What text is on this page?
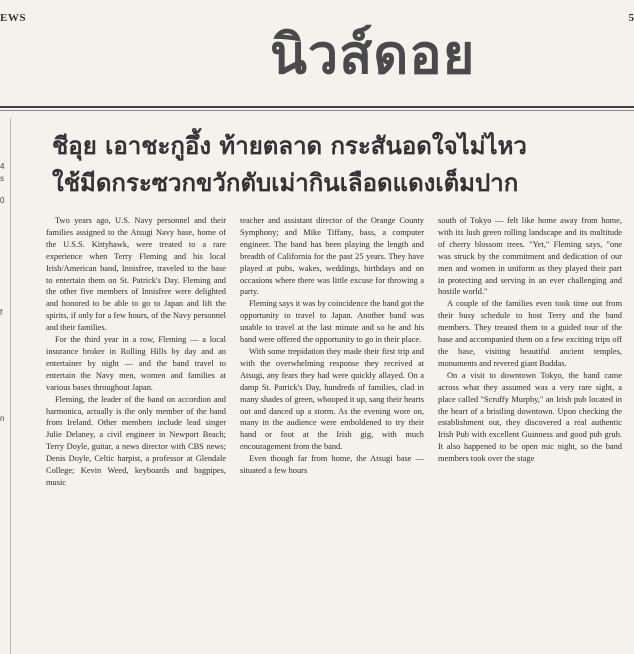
EWS	5
นิวส์ดอย
4
s
0
f
n
ชีอุย เอาชะกูอึ้ง ท้ายตลาด กระสันอดใจไม่ไหว
ใช้มีดกระซวกขวักตับเม่ากินเลือดแดงเต็มปาก

Two years ago, U.S. Navy personnel and their families assigned to the Atsugi Navy base, home of the U.S.S. Kittyhawk, were treated to a rare experience when Terry Fleming and his local Irish/American band, Innisfree, traveled to the base to entertain them on St. Patrick's Day. Fleming and the other five members of Innisfree were delighted and honored to be able to go to Japan and lift the spirits, if only for a few hours, of the Navy personnel and their families.

For the third year in a row, Fleming — a local insurance broker in Rolling Hills by day and an entertainer by night — and the band travel to entertain the Navy men, women and families at various bases throughout Japan.

Fleming, the leader of the band on accordion and harmonica, actually is the only member of the band from Ireland. Other members include lead singer Julie Delaney, a civil engineer in Newport Beach; Terry Doyle, guitar, a news director with CBS news; Denis Doyle, Celtic harpist, a professor at Glendale College; Kevin Weed, keyboards and bagpipes, music

teacher and assistant director of the Orange County Symphony; and Mike Tiffany, bass, a computer engineer. The band has been playing the length and breadth of California for the past 25 years. They have played at pubs, wakes, weddings, birthdays and on occasions where there was little excuse for throwing a party.

Fleming says it was by coincidence the band got the opportunity to travel to Japan. Another band was unable to travel at the last minute and so he and his band were offered the opportunity to go in their place.

With some trepidation they made their first trip and with the overwhelming response they received at Atsugi, any fears they had were quickly allayed. On a damp St. Patrick's Day, hundreds of families, clad in many shades of green, whooped it up, sang their hearts out and danced up a storm. As the evening wore on, many in the audience were emboldened to try their hand or foot at the Irish gig, with much encouragement from the band.

Even though far from home, the Atsugi base — situated a few hours

south of Tokyo — felt like home away from home, with its lush green rolling landscape and its multitude of cherry blossom trees. "Yet," Fleming says, "one was struck by the commitment and dedication of our men and women in uniform as they played their part in protecting and serving in an ever challenging and hostile world."

A couple of the families even took time out from their busy schedule to host Terry and the band members. They treated them to a guided tour of the base and accompanied them on a few exciting trips off the base, visiting beautiful ancient temples, monuments and revered giant Buddas.

On a visit to downtown Tokyo, the band came across what they assumed was a very rare sight, a place called "Scruffy Murphy," an Irish pub located in the heart of a bristling downtown. Upon checking the establishment out, they discovered a real authentic Irish Pub with excellent Guinness and good pub grub. It also happened to be open mic night, so the band members took over the stage
